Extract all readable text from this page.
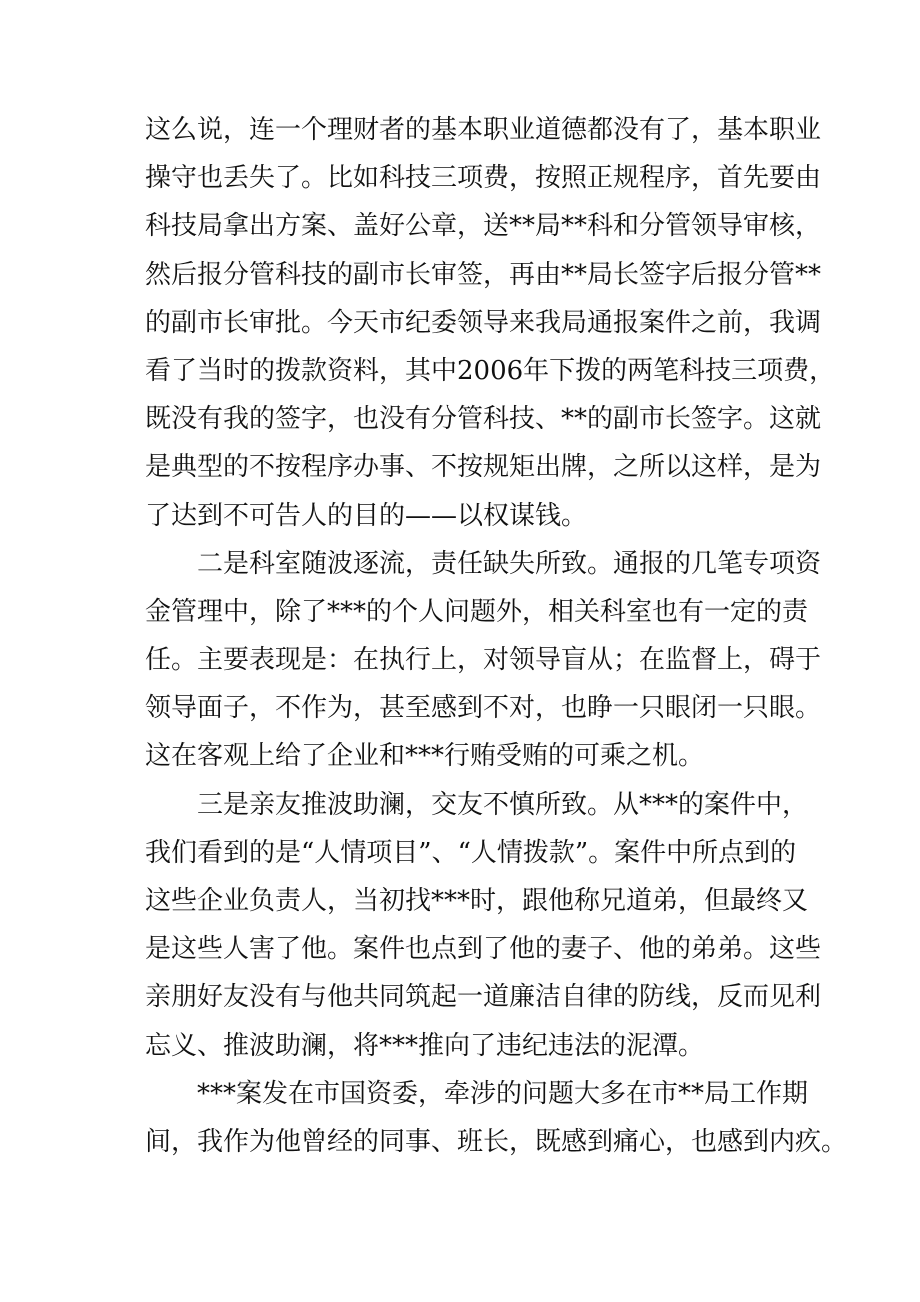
这么说，连一个理财者的基本职业道德都没有了，基本职业
操守也丢失了。比如科技三项费，按照正规程序，首先要由
科技局拿出方案、盖好公章，送**局**科和分管领导审核，
然后报分管科技的副市长审签，再由**局长签字后报分管**
的副市长审批。今天市纪委领导来我局通报案件之前，我调
看了当时的拨款资料，其中2006年下拨的两笔科技三项费，
既没有我的签字，也没有分管科技、**的副市长签字。这就
是典型的不按程序办事、不按规矩出牌，之所以这样，是为
了达到不可告人的目的——以权谋钱。
二是科室随波逐流，责任缺失所致。通报的几笔专项资
金管理中，除了***的个人问题外，相关科室也有一定的责
任。主要表现是：在执行上，对领导盲从；在监督上，碍于
领导面子，不作为，甚至感到不对，也睁一只眼闭一只眼。
这在客观上给了企业和***行贿受贿的可乘之机。
三是亲友推波助澜，交友不慎所致。从***的案件中，
我们看到的是“人情项目”、“人情拨款”。案件中所点到的
这些企业负责人，当初找***时，跟他称兄道弟，但最终又
是这些人害了他。案件也点到了他的妻子、他的弟弟。这些
亲朋好友没有与他共同筑起一道廉洁自律的防线，反而见利
忘义、推波助澜，将***推向了违纪违法的泥潭。
***案发在市国资委，牵涉的问题大多在市**局工作期
间，我作为他曾经的同事、班长，既感到痛心，也感到内疚。
